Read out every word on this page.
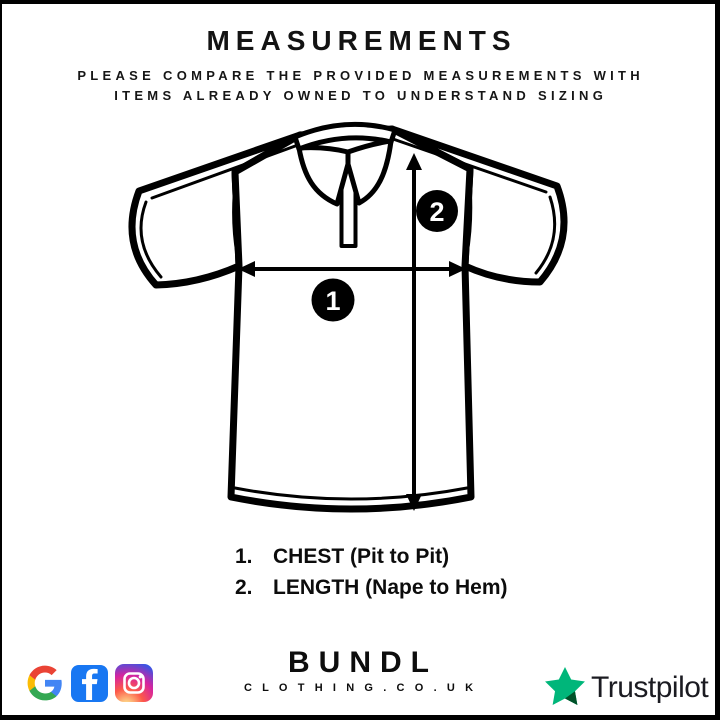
MEASUREMENTS
PLEASE COMPARE THE PROVIDED MEASUREMENTS WITH
ITEMS ALREADY OWNED TO UNDERSTAND SIZING
1
2
1. CHEST (Pit to Pit)
2. LENGTH (Nape to Hem)
BUNDL
C L O T H I N G . C O . U K	Trustpilot
